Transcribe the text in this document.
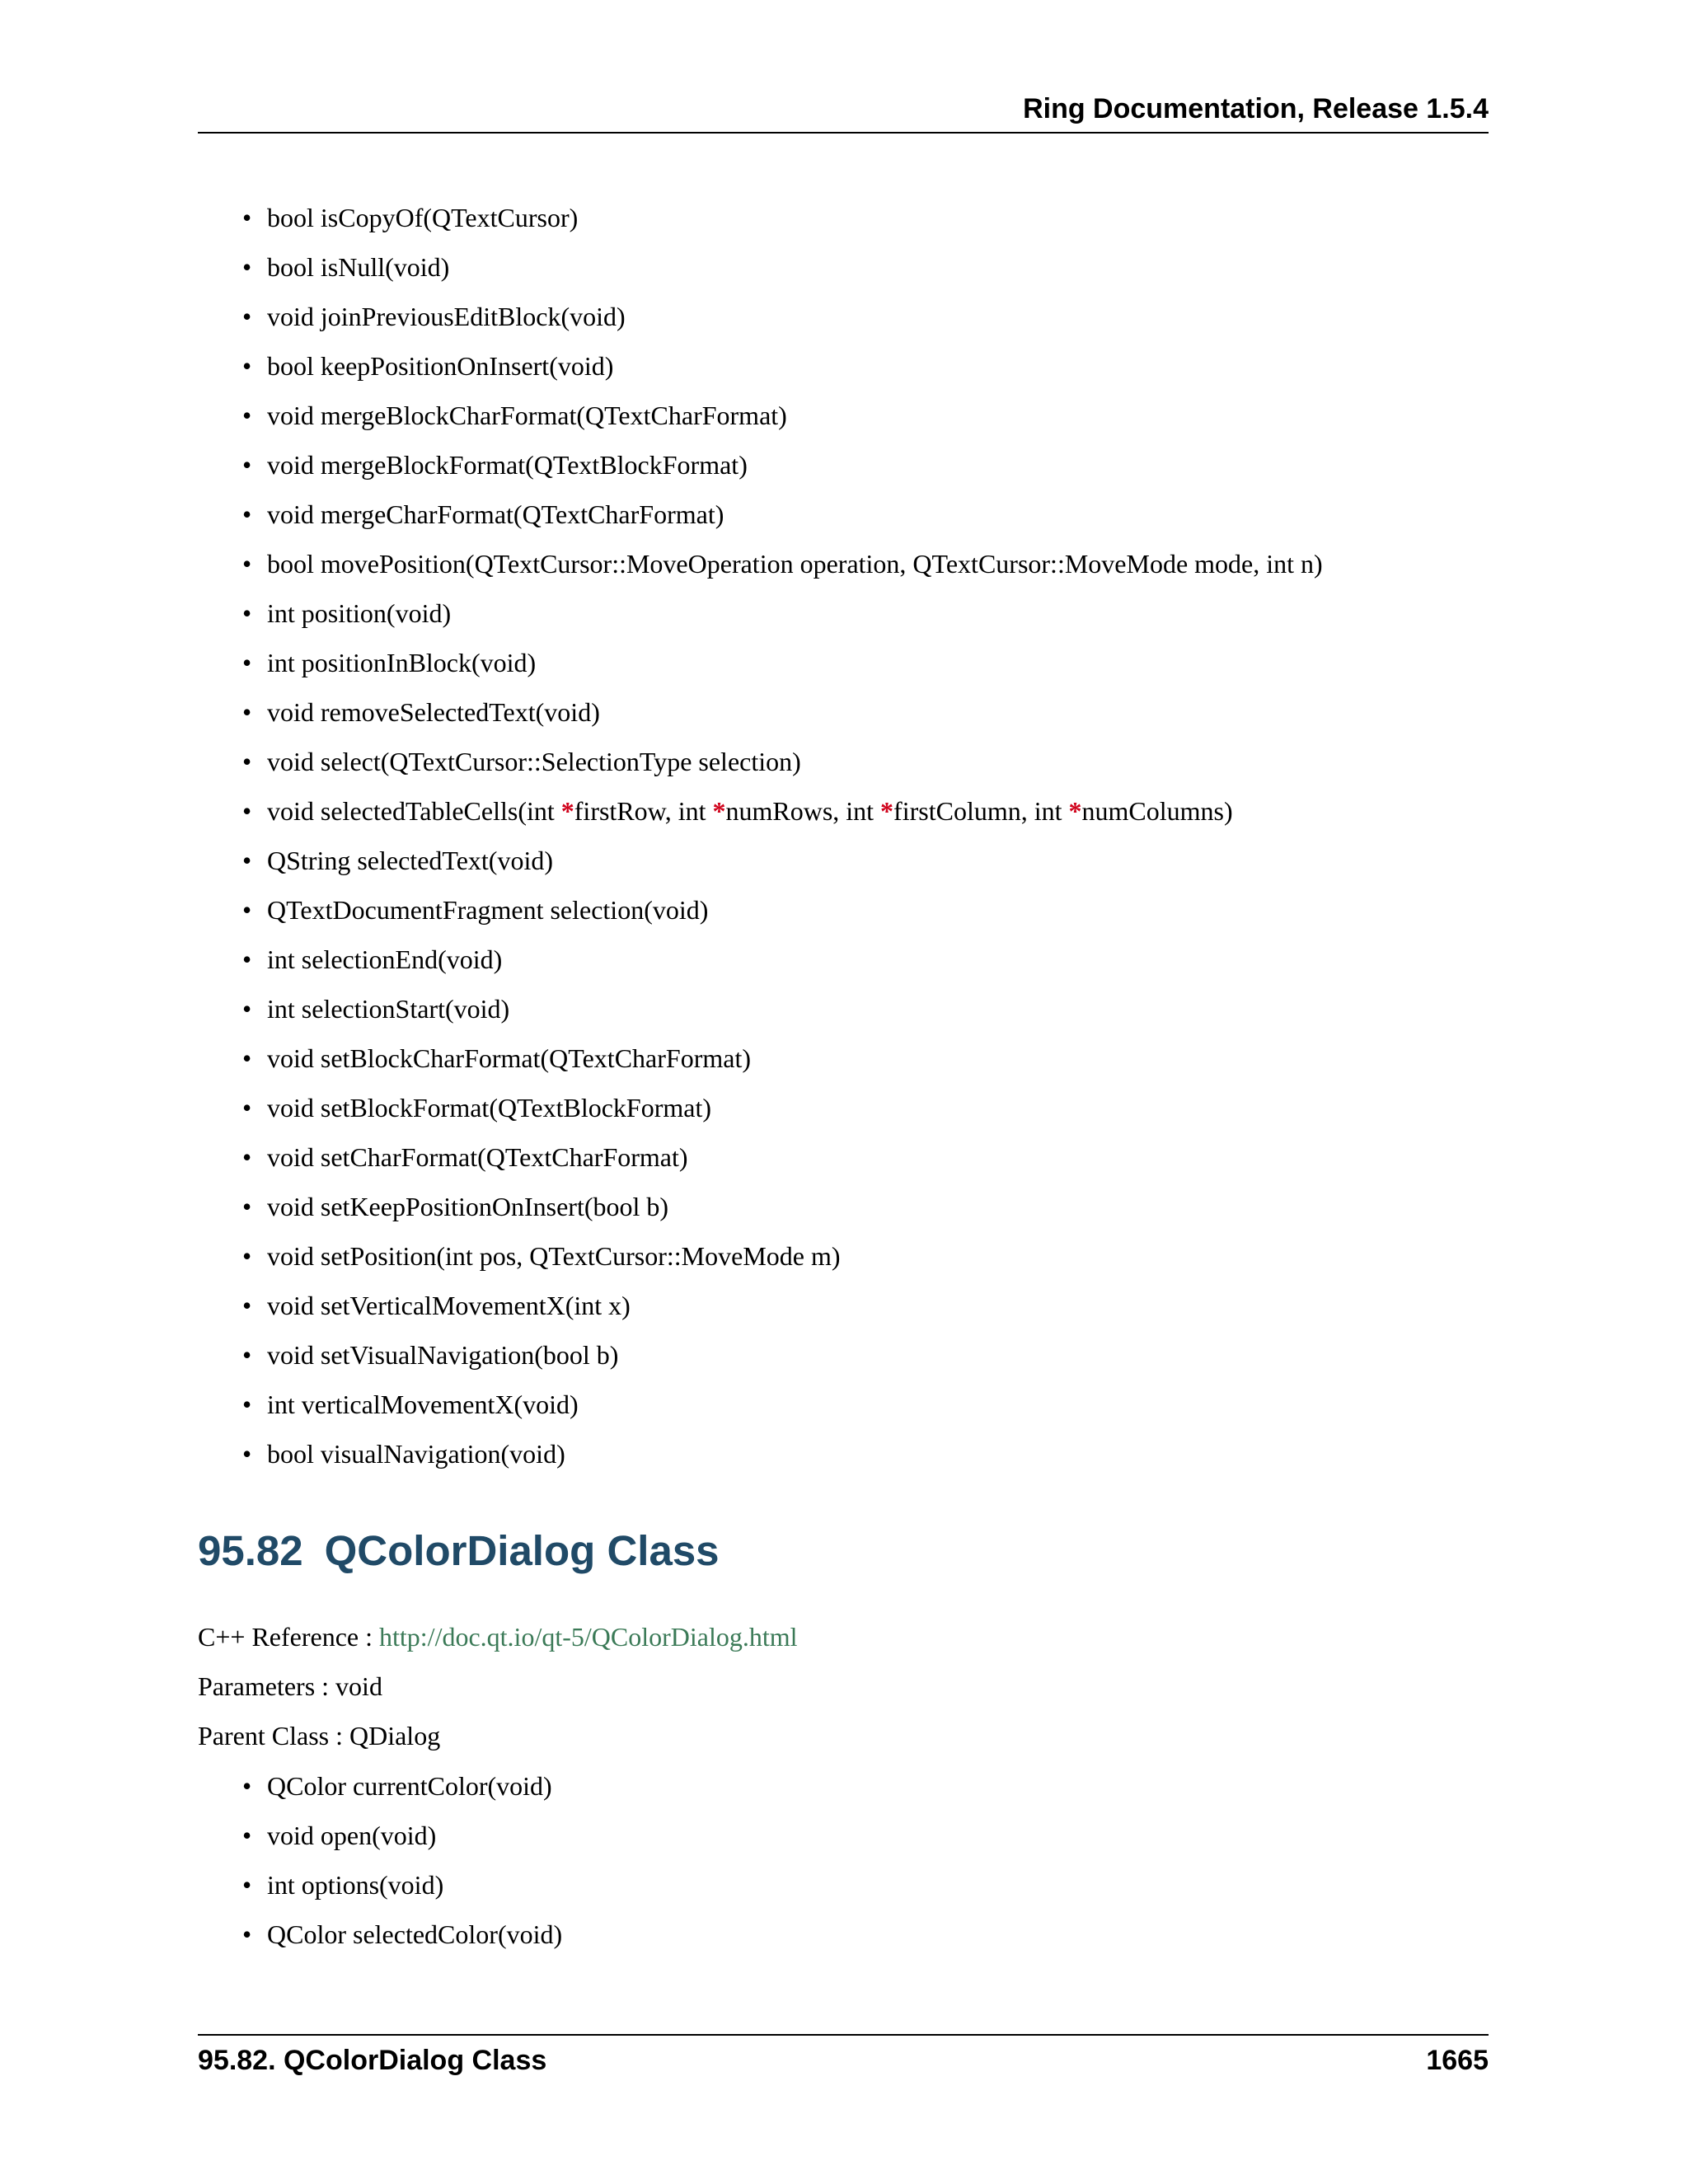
Ring Documentation, Release 1.5.4
• bool isCopyOf(QTextCursor)
• bool isNull(void)
• void joinPreviousEditBlock(void)
• bool keepPositionOnInsert(void)
• void mergeBlockCharFormat(QTextCharFormat)
• void mergeBlockFormat(QTextBlockFormat)
• void mergeCharFormat(QTextCharFormat)
• bool movePosition(QTextCursor::MoveOperation operation, QTextCursor::MoveMode mode, int n)
• int position(void)
• int positionInBlock(void)
• void removeSelectedText(void)
• void select(QTextCursor::SelectionType selection)
• void selectedTableCells(int *firstRow, int *numRows, int *firstColumn, int *numColumns)
• QString selectedText(void)
• QTextDocumentFragment selection(void)
• int selectionEnd(void)
• int selectionStart(void)
• void setBlockCharFormat(QTextCharFormat)
• void setBlockFormat(QTextBlockFormat)
• void setCharFormat(QTextCharFormat)
• void setKeepPositionOnInsert(bool b)
• void setPosition(int pos, QTextCursor::MoveMode m)
• void setVerticalMovementX(int x)
• void setVisualNavigation(bool b)
• int verticalMovementX(void)
• bool visualNavigation(void)
95.82 QColorDialog Class
C++ Reference : http://doc.qt.io/qt-5/QColorDialog.html
Parameters : void
Parent Class : QDialog
• QColor currentColor(void)
• void open(void)
• int options(void)
• QColor selectedColor(void)
95.82. QColorDialog Class	1665
